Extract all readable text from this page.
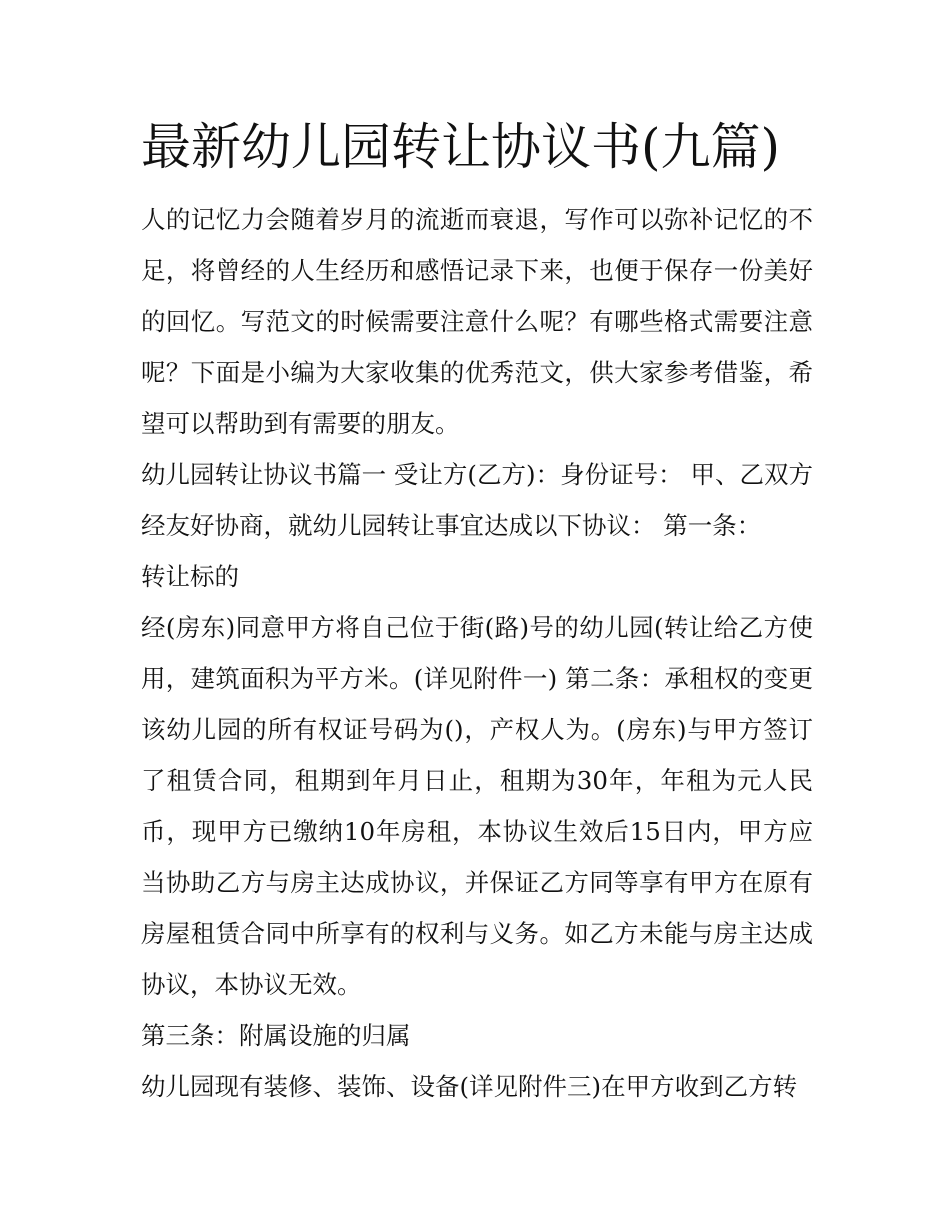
最新幼儿园转让协议书(九篇)

人的记忆力会随着岁月的流逝而衰退，写作可以弥补记忆的不足，将曾经的人生经历和感悟记录下来，也便于保存一份美好的回忆。写范文的时候需要注意什么呢？有哪些格式需要注意呢？下面是小编为大家收集的优秀范文，供大家参考借鉴，希望可以帮助到有需要的朋友。

幼儿园转让协议书篇一 受让方(乙方)：身份证号： 甲、乙双方经友好协商，就幼儿园转让事宜达成以下协议： 第一条：

转让标的

经(房东)同意甲方将自己位于街(路)号的幼儿园(转让给乙方使用，建筑面积为平方米。(详见附件一) 第二条：承租权的变更该幼儿园的所有权证号码为()，产权人为。(房东)与甲方签订了租赁合同，租期到年月日止，租期为30年，年租为元人民币，现甲方已缴纳10年房租，本协议生效后15日内，甲方应当协助乙方与房主达成协议，并保证乙方同等享有甲方在原有房屋租赁合同中所享有的权利与义务。如乙方未能与房主达成协议，本协议无效。

第三条：附属设施的归属

幼儿园现有装修、装饰、设备(详见附件三)在甲方收到乙方转
